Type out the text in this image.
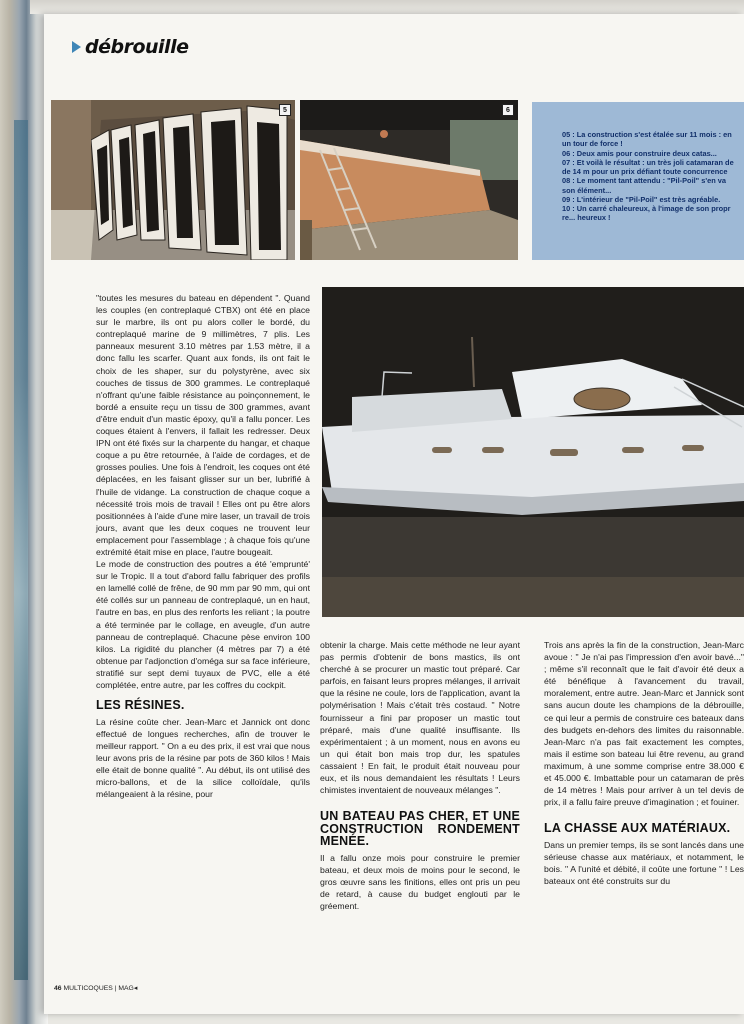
débrouille
5	6
05 : La construction s'est étalée sur 11 mois : en
un tour de force !
06 : Deux amis pour construire deux catas...
07 : Et voilà le résultat : un très joli catamaran de
de 14 m pour un prix défiant toute concurrence
08 : Le moment tant attendu : "Pil-Poil" s'en va
son élément...
09 : L'intérieur de "Pil-Poil" est très agréable.
10 : Un carré chaleureux, à l'image de son propr
re... heureux !

"toutes les mesures du bateau en dépendent ". Quand les couples (en contreplaqué CTBX) ont été en place sur le marbre, ils ont pu alors coller le bordé, du contreplaqué marine de 9 millimètres, 7 plis. Les panneaux mesurent 3.10 mètres par 1.53 mètre, il a donc fallu les scarfer. Quant aux fonds, ils ont fait le choix de les shaper, sur du polystyrène, avec six couches de tissus de 300 grammes. Le contreplaqué n'offrant qu'une faible résistance au poinçonnement, le bordé a ensuite reçu un tissu de 300 grammes, avant d'être enduit d'un mastic époxy, qu'il a fallu poncer. Les coques étaient à l'envers, il fallait les redresser. Deux IPN ont été fixés sur la charpente du hangar, et chaque coque a pu être retournée, à l'aide de cordages, et de grosses poulies. Une fois à l'endroit, les coques ont été déplacées, en les faisant glisser sur un ber, lubrifié à l'huile de vidange. La construction de chaque coque a nécessité trois mois de travail ! Elles ont pu être alors positionnées à l'aide d'une mire laser, un travail de trois jours, avant que les deux coques ne trouvent leur emplacement pour l'assemblage ; à chaque fois qu'une extrémité était mise en place, l'autre bougeait.

Le mode de construction des poutres a été 'emprunté' sur le Tropic. Il a tout d'abord fallu fabriquer des profils en lamellé collé de frêne, de 90 mm par 90 mm, qui ont été collés sur un panneau de contreplaqué, un en haut, l'autre en bas, en plus des renforts les reliant ; la poutre a été terminée par le collage, en aveugle, d'un autre panneau de contreplaqué. Chacune pèse environ 100 kilos. La rigidité du plancher (4 mètres par 7) a été obtenue par l'adjonction d'oméga sur sa face inférieure, stratifié sur sept demi tuyaux de PVC, elle a été complétée, entre autre, par les coffres du cockpit.

LES RÉSINES.

La résine coûte cher. Jean-Marc et Jannick ont donc effectué de longues recherches, afin de trouver le meilleur rapport. " On a eu des prix, il est vrai que nous leur avons pris de la résine par pots de 360 kilos ! Mais elle était de bonne qualité ". Au début, ils ont utilisé des micro-ballons, et de la silice colloïdale, qu'ils mélangeaient à la résine, pour

obtenir la charge. Mais cette méthode ne leur ayant pas permis d'obtenir de bons mastics, ils ont cherché à se procurer un mastic tout préparé. Car parfois, en faisant leurs propres mélanges, il arrivait que la résine ne coule, lors de l'application, avant la polymérisation ! Mais c'était très costaud. " Notre fournisseur a fini par proposer un mastic tout préparé, mais d'une qualité insuffisante. Ils expérimentaient ; à un moment, nous en avons eu un qui était bon mais trop dur, les spatules cassaient ! En fait, le produit était nouveau pour eux, et ils nous demandaient les résultats ! Leurs chimistes inventaient de nouveaux mélanges ".

UN BATEAU PAS CHER, ET UNE CONSTRUCTION RONDEMENT MENÉE.

Il a fallu onze mois pour construire le premier bateau, et deux mois de moins pour le second, le gros œuvre sans les finitions, elles ont pris un peu de retard, à cause du budget englouti par le gréement.

Trois ans après la fin de la construction, Jean-Marc avoue : " Je n'ai pas l'impression d'en avoir bavé..." ; même s'il reconnaît que le fait d'avoir été deux a été bénéfique à l'avancement du travail, moralement, entre autre. Jean-Marc et Jannick sont sans aucun doute les champions de la débrouille, ce qui leur a permis de construire ces bateaux dans des budgets en-dehors des limites du raisonnable. Jean-Marc n'a pas fait exactement les comptes, mais il estime son bateau lui être revenu, au grand maximum, à une somme comprise entre 38.000 € et 45.000 €. Imbattable pour un catamaran de près de 14 mètres ! Mais pour arriver à un tel devis de prix, il a fallu faire preuve d'imagination ; et fouiner.

LA CHASSE AUX MATÉRIAUX.

Dans un premier temps, ils se sont lancés dans une sérieuse chasse aux matériaux, et notamment, le bois. " A l'unité et débité, il coûte une fortune " ! Les bateaux ont été construits sur du

46 MULTICOQUES | MAG◂
